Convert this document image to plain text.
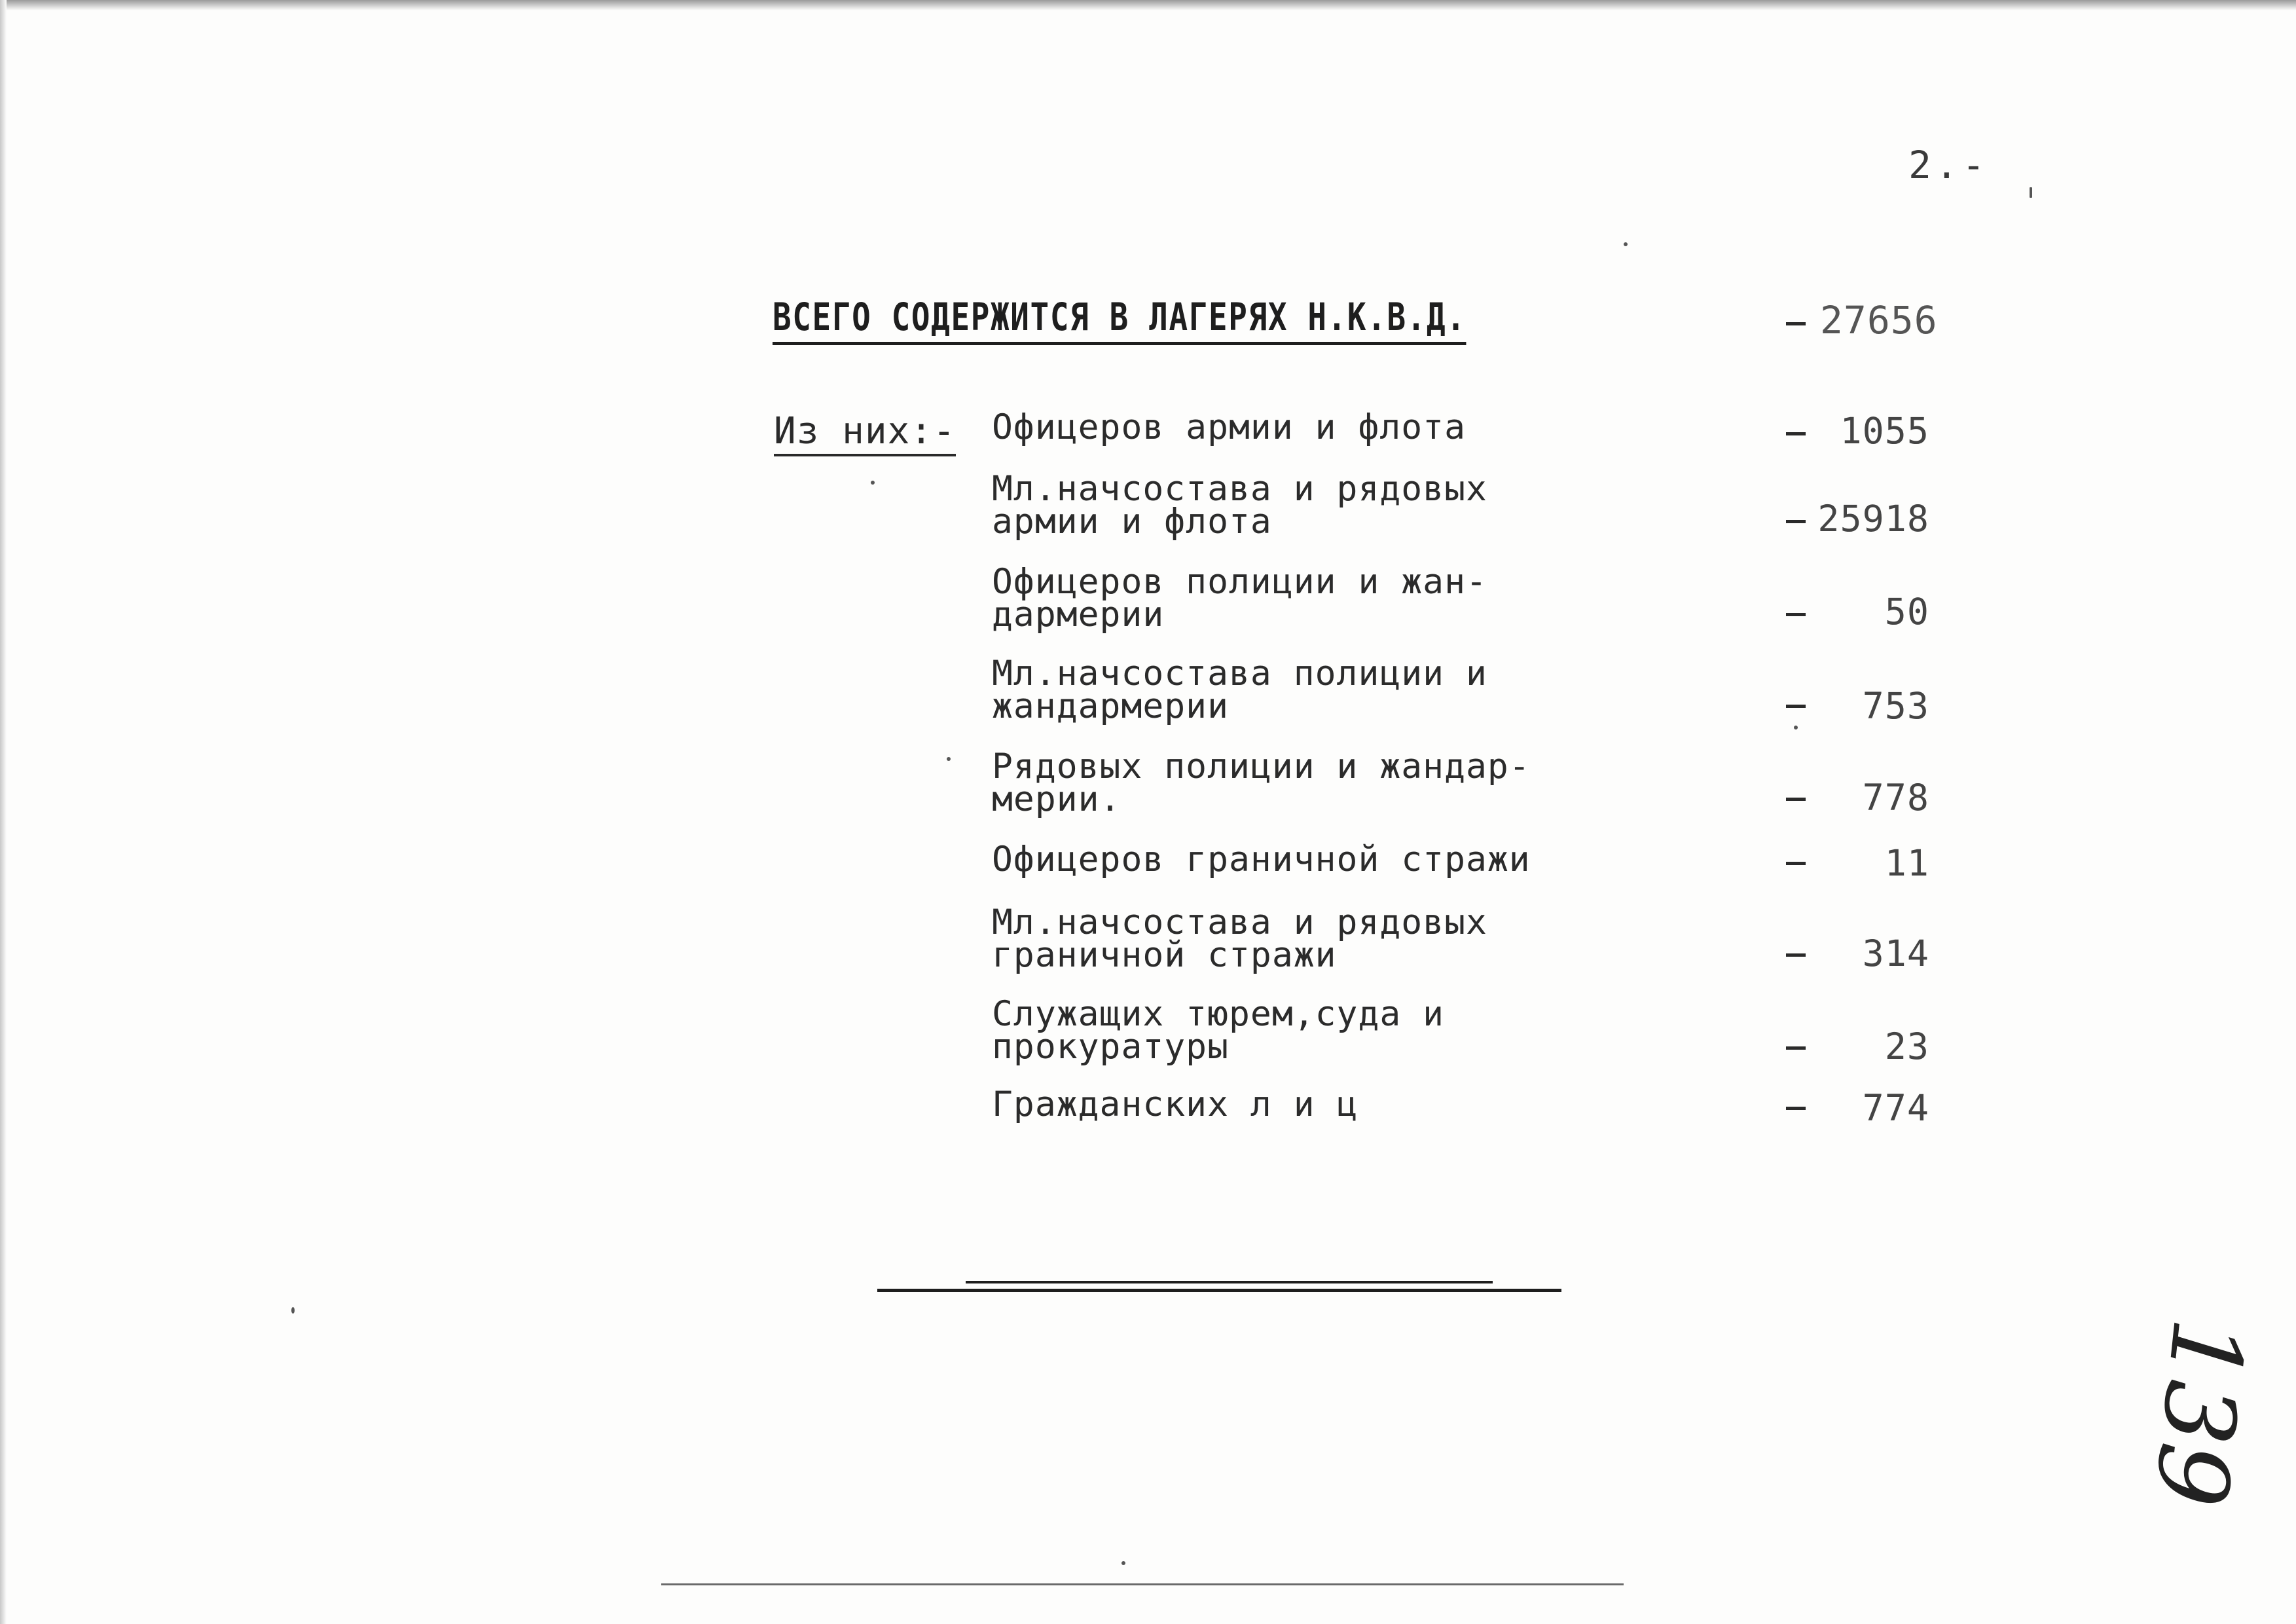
2.-
ВСЕГО СОДЕРЖИТСЯ В ЛАГЕРЯХ Н.К.В.Д.	27656
Из них:- Офицеров армии и флота	1055
Мл.начсостава и рядовых
армии и флота	25918
Офицеров полиции и жан-
дармерии	50
Мл.начсостава полиции и
жандармерии	753
Рядовых полиции и жандар-
мерии.	778
Офицеров граничной стражи	11
Мл.начсостава и рядовых
граничной стражи	314
Служащих тюрем,суда и
прокуратуры	23
Гражданских л и ц	774
139
